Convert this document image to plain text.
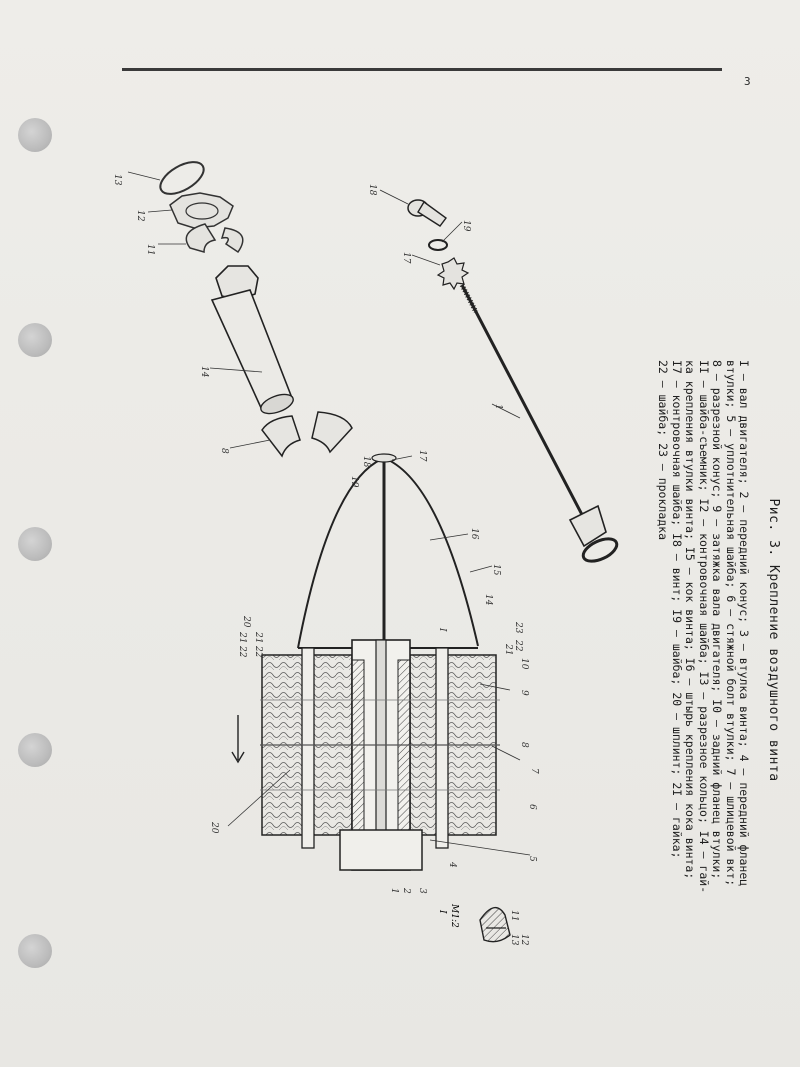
3
13
12
11
14
8
18
19
17
1
19
18
17
16
15
14
I	23
22
21
10
9
8
7
6
5
4
3
2
1
20
21
22
21
22
20
I M1:2	11
13 12
Рис. 3. Крепление воздушного винта
I – вал двигателя; 2 – передний конус; 3 – втулка винта; 4 – передний фланец
втулки; 5 – уплотнительная шайба; 6 – стяжной болт втулки; 7 – шлицевой вкт;
8 – разрезной конус; 9 – затяжка вала двигателя; I0 – задний фланец втулки;
II – шайба-съемник; I2 – контровочная шайба; I3 – разрезное кольцо; I4 – гай-
ка крепления втулки винта; I5 – кок винта; I6 – штырь крепления кока винта;
I7 – контровочная шайба; I8 – винт; I9 – шайба; 20 – шплинт; 2I – гайка;
22 – шайба; 23 – прокладка
